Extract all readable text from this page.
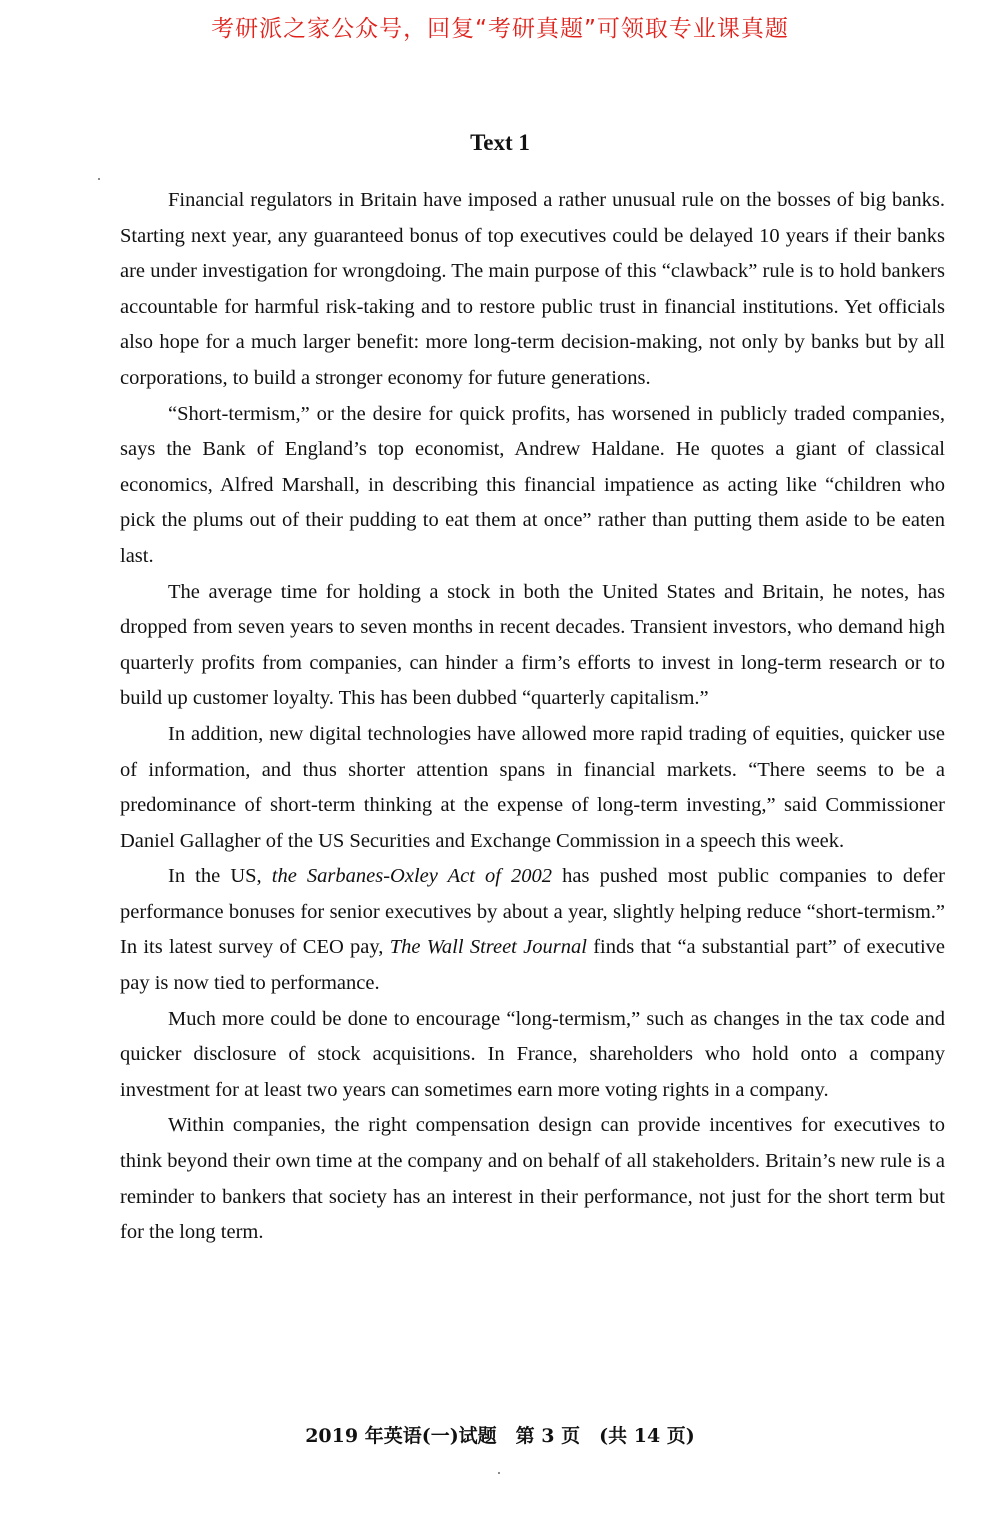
考研派之家公众号，回复“考研真题”可领取专业课真题
Text 1

Financial regulators in Britain have imposed a rather unusual rule on the bosses of big banks. Starting next year, any guaranteed bonus of top executives could be delayed 10 years if their banks are under investigation for wrongdoing. The main purpose of this “clawback” rule is to hold bankers accountable for harmful risk-taking and to restore public trust in financial institutions. Yet officials also hope for a much larger benefit: more long-term decision-making, not only by banks but by all corporations, to build a stronger economy for future generations.

“Short-termism,” or the desire for quick profits, has worsened in publicly traded companies, says the Bank of England’s top economist, Andrew Haldane. He quotes a giant of classical economics, Alfred Marshall, in describing this financial impatience as acting like “children who pick the plums out of their pudding to eat them at once” rather than putting them aside to be eaten last.

The average time for holding a stock in both the United States and Britain, he notes, has dropped from seven years to seven months in recent decades. Transient investors, who demand high quarterly profits from companies, can hinder a firm’s efforts to invest in long-term research or to build up customer loyalty. This has been dubbed “quarterly capitalism.”

In addition, new digital technologies have allowed more rapid trading of equities, quicker use of information, and thus shorter attention spans in financial markets. “There seems to be a predominance of short-term thinking at the expense of long-term investing,” said Commissioner Daniel Gallagher of the US Securities and Exchange Commission in a speech this week.

In the US, the Sarbanes-Oxley Act of 2002 has pushed most public companies to defer performance bonuses for senior executives by about a year, slightly helping reduce “short-termism.” In its latest survey of CEO pay, The Wall Street Journal finds that “a substantial part” of executive pay is now tied to performance.

Much more could be done to encourage “long-termism,” such as changes in the tax code and quicker disclosure of stock acquisitions. In France, shareholders who hold onto a company investment for at least two years can sometimes earn more voting rights in a company.

Within companies, the right compensation design can provide incentives for executives to think beyond their own time at the company and on behalf of all stakeholders. Britain’s new rule is a reminder to bankers that society has an interest in their performance, not just for the short term but for the long term.

2019 年英语(一)试题　第 3 页　(共 14 页)
